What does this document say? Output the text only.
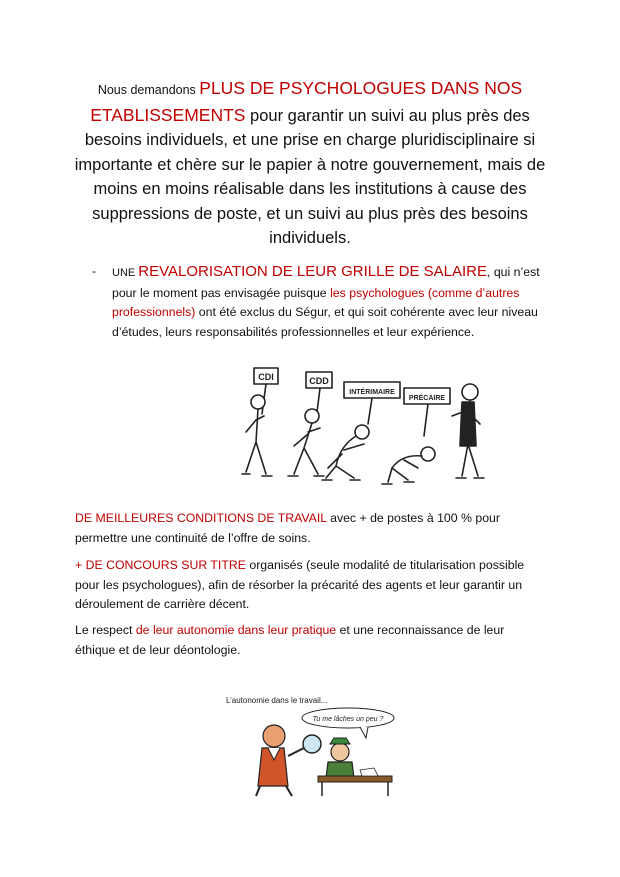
Nous demandons PLUS DE PSYCHOLOGUES DANS NOS ETABLISSEMENTS pour garantir un suivi au plus près des besoins individuels, et une prise en charge pluridisciplinaire si importante et chère sur le papier à notre gouvernement, mais de moins en moins réalisable dans les institutions à cause des suppressions de poste, et un suivi au plus près des besoins individuels.

- UNE REVALORISATION DE LEUR GRILLE DE SALAIRE, qui n’est pour le moment pas envisagée puisque les psychologues (comme d’autres professionnels) ont été exclus du Ségur, et qui soit cohérente avec leur niveau d’études, leurs responsabilités professionnelles et leur expérience.
CDI	CDD
INTÉRIMAIRE
PRÉCAIRE

DE MEILLEURES CONDITIONS DE TRAVAIL avec + de postes à 100 % pour permettre une continuité de l’offre de soins.

+ DE CONCOURS SUR TITRE organisés (seule modalité de titularisation possible pour les psychologues), afin de résorber la précarité des agents et leur garantir un déroulement de carrière décent.

Le respect de leur autonomie dans leur pratique et une reconnaissance de leur éthique et de leur déontologie.

L’autonomie dans le travail...
Tu me lâches un peu ?
